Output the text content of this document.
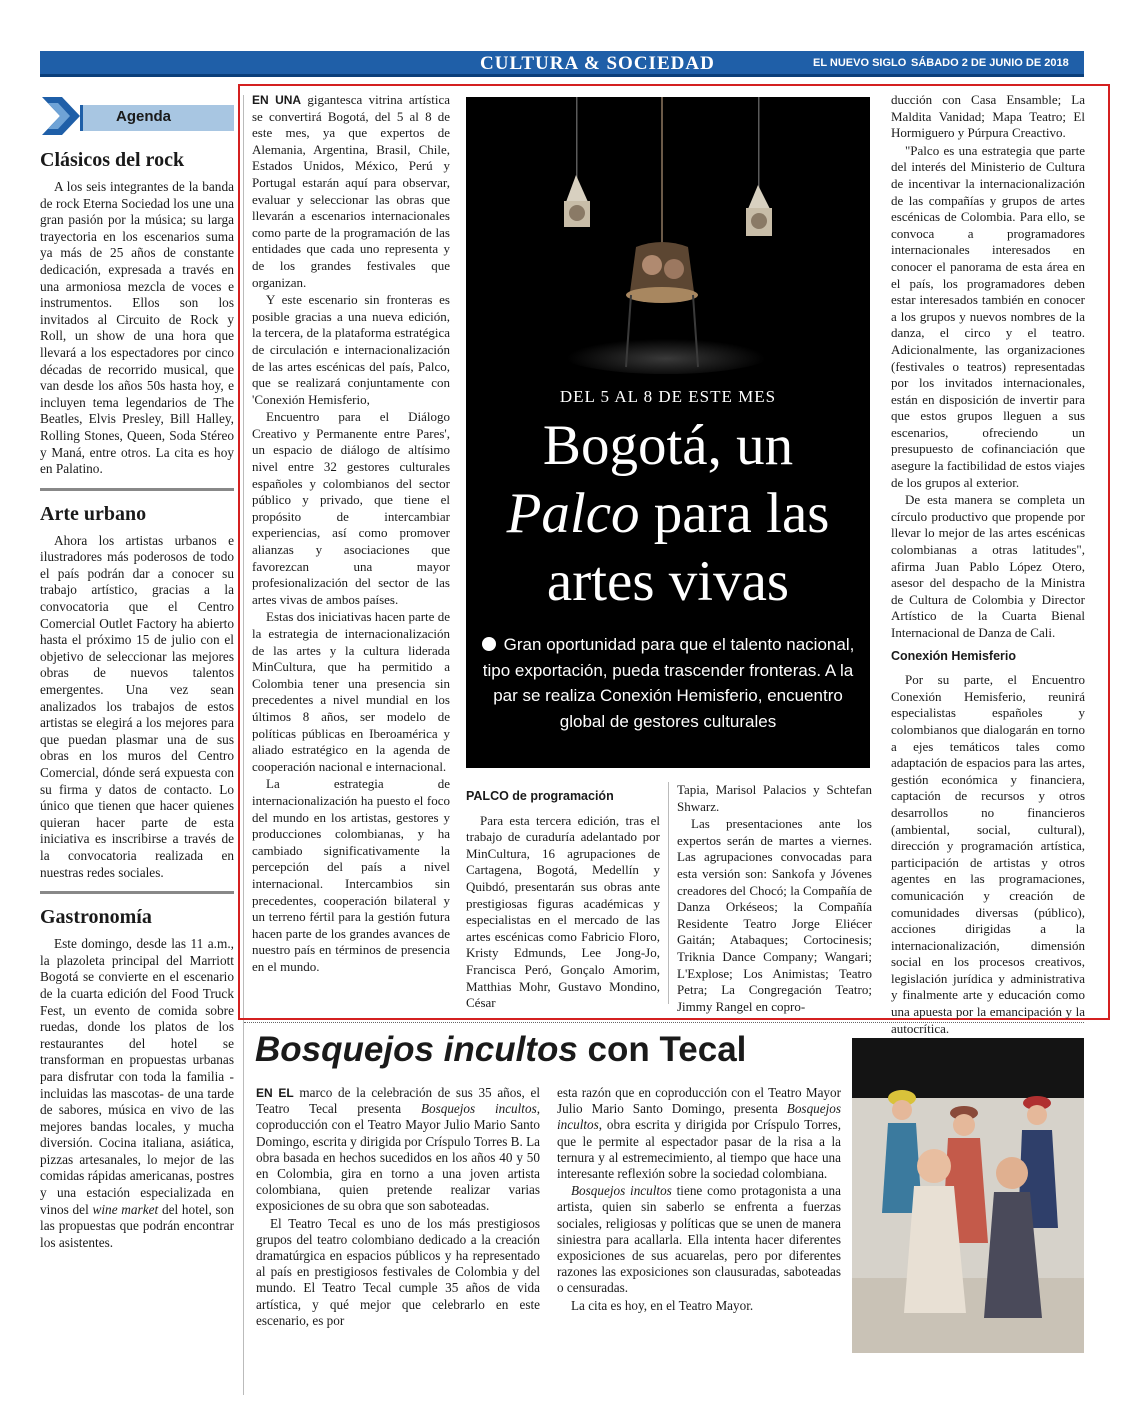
CULTURA & SOCIEDAD	EL NUEVO SIGLO SÁBADO 2 DE JUNIO DE 2018 1B
Agenda
Clásicos del rock

A los seis integrantes de la banda de rock Eterna Sociedad los une una gran pasión por la música; su larga trayectoria en los escenarios suma ya más de 25 años de constante dedicación, expresada a través en una armoniosa mezcla de voces e instrumentos. Ellos son los invitados al Circuito de Rock y Roll, un show de una hora que llevará a los espectadores por cinco décadas de recorrido musical, que van desde los años 50s hasta hoy, e incluyen tema legendarios de The Beatles, Elvis Presley, Bill Halley, Rolling Stones, Queen, Soda Stéreo y Maná, entre otros. La cita es hoy en Palatino.

Arte urbano

Ahora los artistas urbanos e ilustradores más poderosos de todo el país podrán dar a conocer su trabajo artístico, gracias a la convocatoria que el Centro Comercial Outlet Factory ha abierto hasta el próximo 15 de julio con el objetivo de seleccionar las mejores obras de nuevos talentos emergentes. Una vez sean analizados los trabajos de estos artistas se elegirá a los mejores para que puedan plasmar una de sus obras en los muros del Centro Comercial, dónde será expuesta con su firma y datos de contacto. Lo único que tienen que hacer quienes quieran hacer parte de esta iniciativa es inscribirse a través de la convocatoria realizada en nuestras redes sociales.

Gastronomía

Este domingo, desde las 11 a.m., la plazoleta principal del Marriott Bogotá se convierte en el escenario de la cuarta edición del Food Truck Fest, un evento de comida sobre ruedas, donde los platos de los restaurantes del hotel se transforman en propuestas urbanas para disfrutar con toda la familia - incluidas las mascotas- de una tarde de sabores, música en vivo de las mejores bandas locales, y mucha diversión. Cocina italiana, asiática, pizzas artesanales, lo mejor de las comidas rápidas americanas, postres y una estación especializada en vinos del wine market del hotel, son las propuestas que podrán encontrar los asistentes.

EN UNA gigantesca vitrina artística se convertirá Bogotá, del 5 al 8 de este mes, ya que expertos de Alemania, Argentina, Brasil, Chile, Estados Unidos, México, Perú y Portugal estarán aquí para observar, evaluar y seleccionar las obras que llevarán a escenarios internacionales como parte de la programación de las entidades que cada uno representa y de los grandes festivales que organizan.

Y este escenario sin fronteras es posible gracias a una nueva edición, la tercera, de la plataforma estratégica de circulación e internacionalización de las artes escénicas del país, Palco, que se realizará conjuntamente con 'Conexión Hemisferio,

Encuentro para el Diálogo Creativo y Permanente entre Pares', un espacio de diálogo de altísimo nivel entre 32 gestores culturales españoles y colombianos del sector público y privado, que tiene el propósito de intercambiar experiencias, así como promover alianzas y asociaciones que favorezcan una mayor profesionalización del sector de las artes vivas de ambos países.

Estas dos iniciativas hacen parte de la estrategia de internacionalización de las artes y la cultura liderada MinCultura, que ha permitido a Colombia tener una presencia sin precedentes a nivel mundial en los últimos 8 años, ser modelo de políticas públicas en Iberoamérica y aliado estratégico en la agenda de cooperación nacional e internacional.

La estrategia de internacionalización ha puesto el foco del mundo en los artistas, gestores y producciones colombianas, y ha cambiado significativamente la percepción del país a nivel internacional. Intercambios sin precedentes, cooperación bilateral y un terreno fértil para la gestión futura hacen parte de los grandes avances de nuestro país en términos de presencia en el mundo.

DEL 5 AL 8 DE ESTE MES
Bogotá, un
Palco para las
artes vivas
Gran oportunidad para que el talento nacional, tipo exportación, pueda trascender fronteras. A la par se realiza Conexión Hemisferio, encuentro global de gestores culturales
PALCO de programación

Para esta tercera edición, tras el trabajo de curaduría adelantado por MinCultura, 16 agrupaciones de Cartagena, Bogotá, Medellín y Quibdó, presentarán sus obras ante prestigiosas figuras académicas y especialistas en el mercado de las artes escénicas como Fabricio Floro, Kristy Edmunds, Lee Jong-Jo, Francisca Peró, Gonçalo Amorim, Matthias Mohr, Gustavo Mondino, César

Tapia, Marisol Palacios y Schtefan Shwarz.

Las presentaciones ante los expertos serán de martes a viernes. Las agrupaciones convocadas para esta versión son: Sankofa y Jóvenes creadores del Chocó; la Compañía de Danza Orkéseos; la Compañía Residente Teatro Jorge Eliécer Gaitán; Atabaques; Cortocinesis; Triknia Dance Company; Wangari; L'Explose; Los Animistas; Teatro Petra; La Congregación Teatro; Jimmy Rangel en copro-

ducción con Casa Ensamble; La Maldita Vanidad; Mapa Teatro; El Hormiguero y Púrpura Creactivo.

"Palco es una estrategia que parte del interés del Ministerio de Cultura de incentivar la internacionalización de las compañías y grupos de artes escénicas de Colombia. Para ello, se convoca a programadores internacionales interesados en conocer el panorama de esta área en el país, los programadores deben estar interesados también en conocer a los grupos y nuevos nombres de la danza, el circo y el teatro. Adicionalmente, las organizaciones (festivales o teatros) representadas por los invitados internacionales, están en disposición de invertir para que estos grupos lleguen a sus escenarios, ofreciendo un presupuesto de cofinanciación que asegure la factibilidad de estos viajes de los grupos al exterior.

De esta manera se completa un círculo productivo que propende por llevar lo mejor de las artes escénicas colombianas a otras latitudes", afirma Juan Pablo López Otero, asesor del despacho de la Ministra de Cultura de Colombia y Director Artístico de la Cuarta Bienal Internacional de Danza de Cali.

Conexión Hemisferio

Por su parte, el Encuentro Conexión Hemisferio, reunirá especialistas españoles y colombianos que dialogarán en torno a ejes temáticos tales como adaptación de espacios para las artes, gestión económica y financiera, captación de recursos y otros desarrollos no financieros (ambiental, social, cultural), dirección y programación artística, participación de artistas y otros agentes en las programaciones, comunicación y creación de comunidades diversas (público), acciones dirigidas a la internacionalización, dimensión social en los procesos creativos, legislación jurídica y administrativa y finalmente arte y educación como una apuesta por la emancipación y la autocrítica.

Bosquejos incultos con Tecal

EN EL marco de la celebración de sus 35 años, el Teatro Tecal presenta Bosquejos incultos, coproducción con el Teatro Mayor Julio Mario Santo Domingo, escrita y dirigida por Críspulo Torres B. La obra basada en hechos sucedidos en los años 40 y 50 en Colombia, gira en torno a una joven artista colombiana, quien pretende realizar varias exposiciones de su obra que son saboteadas.

El Teatro Tecal es uno de los más prestigiosos grupos del teatro colombiano dedicado a la creación dramatúrgica en espacios públicos y ha representado al país en prestigiosos festivales de Colombia y del mundo. El Teatro Tecal cumple 35 años de vida artística, y qué mejor que celebrarlo en este escenario, es por

esta razón que en coproducción con el Teatro Mayor Julio Mario Santo Domingo, presenta Bosquejos incultos, obra escrita y dirigida por Críspulo Torres, que le permite al espectador pasar de la risa a la ternura y al estremecimiento, al tiempo que hace una interesante reflexión sobre la sociedad colombiana.

Bosquejos incultos tiene como protagonista a una artista, quien sin saberlo se enfrenta a fuerzas sociales, religiosas y políticas que se unen de manera siniestra para acallarla. Ella intenta hacer diferentes exposiciones de sus acuarelas, pero por diferentes razones las exposiciones son clausuradas, saboteadas o censuradas.

La cita es hoy, en el Teatro Mayor.
